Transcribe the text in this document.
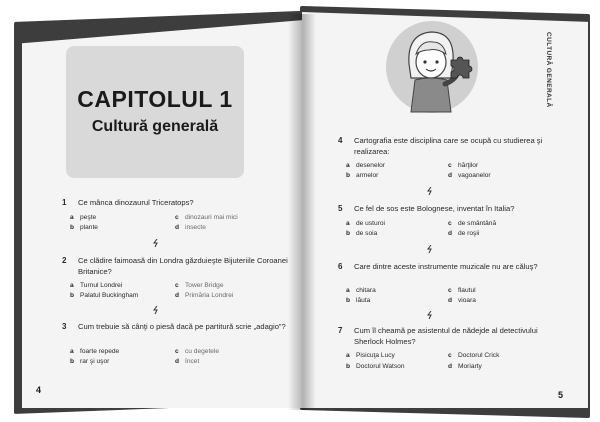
CAPITOLUL 1
Cultură generală
CULTURĂ GENERALĂ
1 Ce mânca dinozaurul Triceratops?
a peşte	c dinozauri mai mici
b plante	d insecte
2 Ce clădire faimoasă din Londra găzduieşte Bijuteriile Coroanei Britanice?
a Turnul Londrei	c Tower Bridge
b Palatul Buckingham	d Primăria Londrei
3 Cum trebuie să cânţi o piesă dacă pe partitură scrie „adagio”?
a foarte repede	c cu degetele
b rar şi uşor	d încet
4
4 Cartografia este disciplina care se ocupă cu studierea şi realizarea:
a desenelor	c hărţilor
b armelor	d vagoanelor
5 Ce fel de sos este Bolognese, inventat în Italia?
a de usturoi	c de smântână
b de soia	d de roşii
6 Care dintre aceste instrumente muzicale nu are căluş?
a chitara	c flautul
b lăuta	d vioara
7 Cum îl cheamă pe asistentul de nădejde al detectivului Sherlock Holmes?
a Pisicuţa Lucy	c Doctorul Crick
b Doctorul Watson	d Moriarty
5
